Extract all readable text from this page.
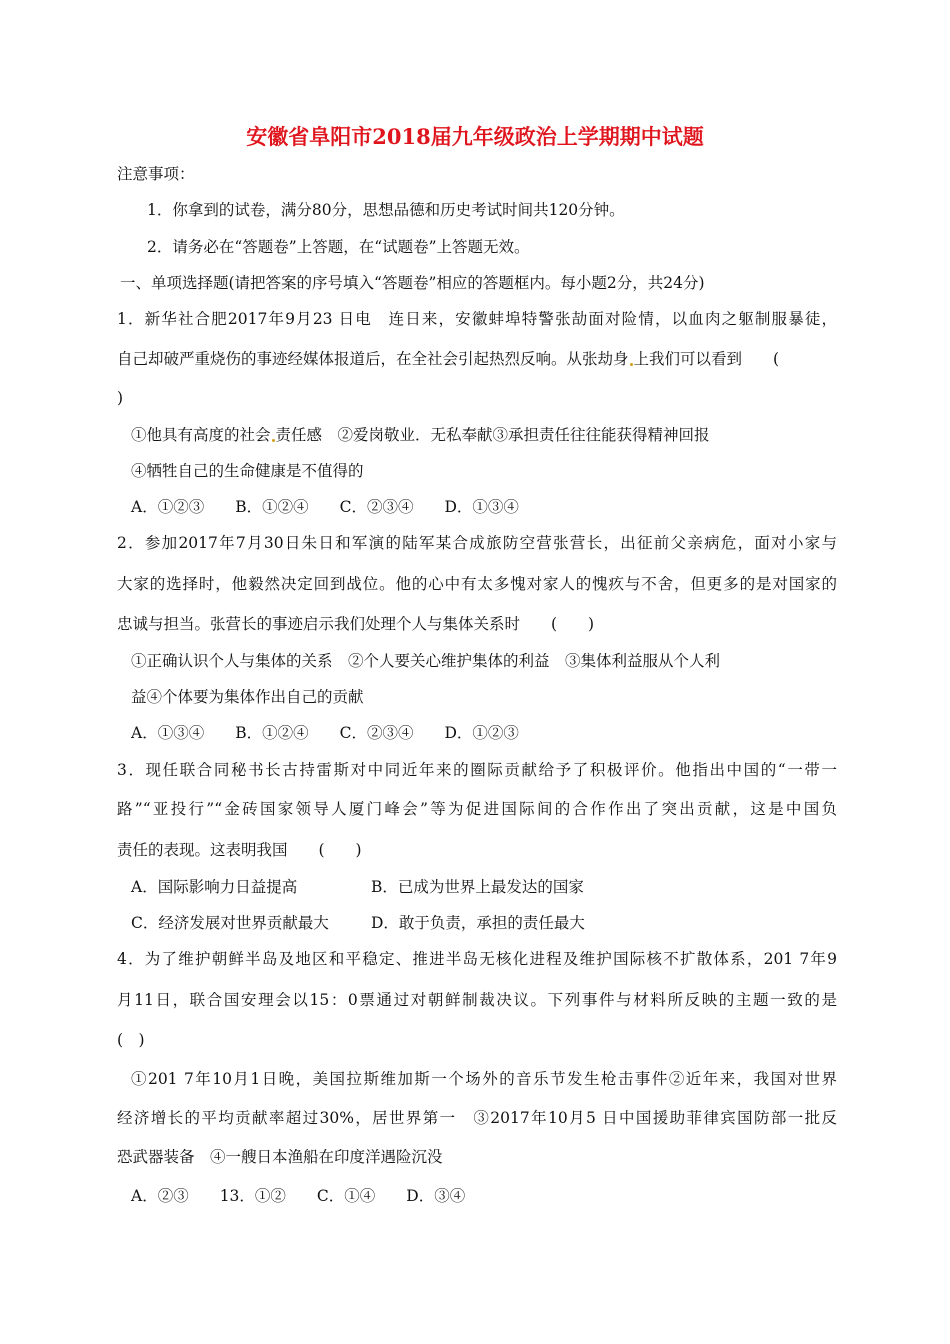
安徽省阜阳市2018届九年级政治上学期期中试题
注意事项：
1．你拿到的试卷，满分80分，思想品德和历史考试时间共120分钟。
2．请务必在“答题卷”上答题，在“试题卷”上答题无效。
一、单项选择题(请把答案的序号填入“答题卷”相应的答题框内。每小题2分，共24分)
1．新华社合肥2017年9月23 日电　连日来，安徽蚌埠特警张劼面对险情，以血肉之躯制服暴徒，
自己却破严重烧伤的事迹经媒体报道后，在全社会引起热烈反响。从张劫身 上我们可以看到　　(
)
①他具有高度的社会 责任感　②爱岗敬业．无私奉献③承担责任往往能获得精神回报
④牺牲自己的生命健康是不值得的
A．①②③　　B．①②④　　C．②③④　　D．①③④
2．参加2017年7月30日朱日和军演的陆军某合成旅防空营张营长，出征前父亲病危，面对小家与
大家的选择时，他毅然决定回到战位。他的心中有太多愧对家人的愧疚与不舍，但更多的是对国家的
忠诚与担当。张营长的事迹启示我们处理个人与集体关系时　　(　　)
①正确认识个人与集体的关系　②个人要关心维护集体的利益　③集体利益服从个人利
益④个体要为集体作出自己的贡献
A．①③④　　B．①②④　　C．②③④　　D．①②③
3．现任联合同秘书长古持雷斯对中同近年来的圈际贡献给予了积极评价。他指出中国的“一带一
路”“亚投行”“金砖国家领导人厦门峰会”等为促进国际间的合作作出了突出贡献，这是中国负
责任的表现。这表明我国　　(　　)
A．国际影响力日益提高	B．已成为世界上最发达的国家
C．经济发展对世界贡献最大	D．敢于负责，承担的责任最大
4．为了维护朝鲜半岛及地区和平稳定、推进半岛无核化进程及维护国际核不扩散体系，201 7年9
月11日，联合国安理会以15：0票通过对朝鲜制裁决议。下列事件与材料所反映的主题一致的是
(　)
①201 7年10月1日晚，美国拉斯维加斯一个场外的音乐节发生枪击事件②近年来，我国对世界
经济增长的平均贡献率超过30%，居世界第一　③2017年10月5 日中国援助菲律宾国防部一批反
恐武器装备　④一艘日本渔船在印度洋遇险沉没
A．②③　　13．①②　　C．①④　　D．③④
